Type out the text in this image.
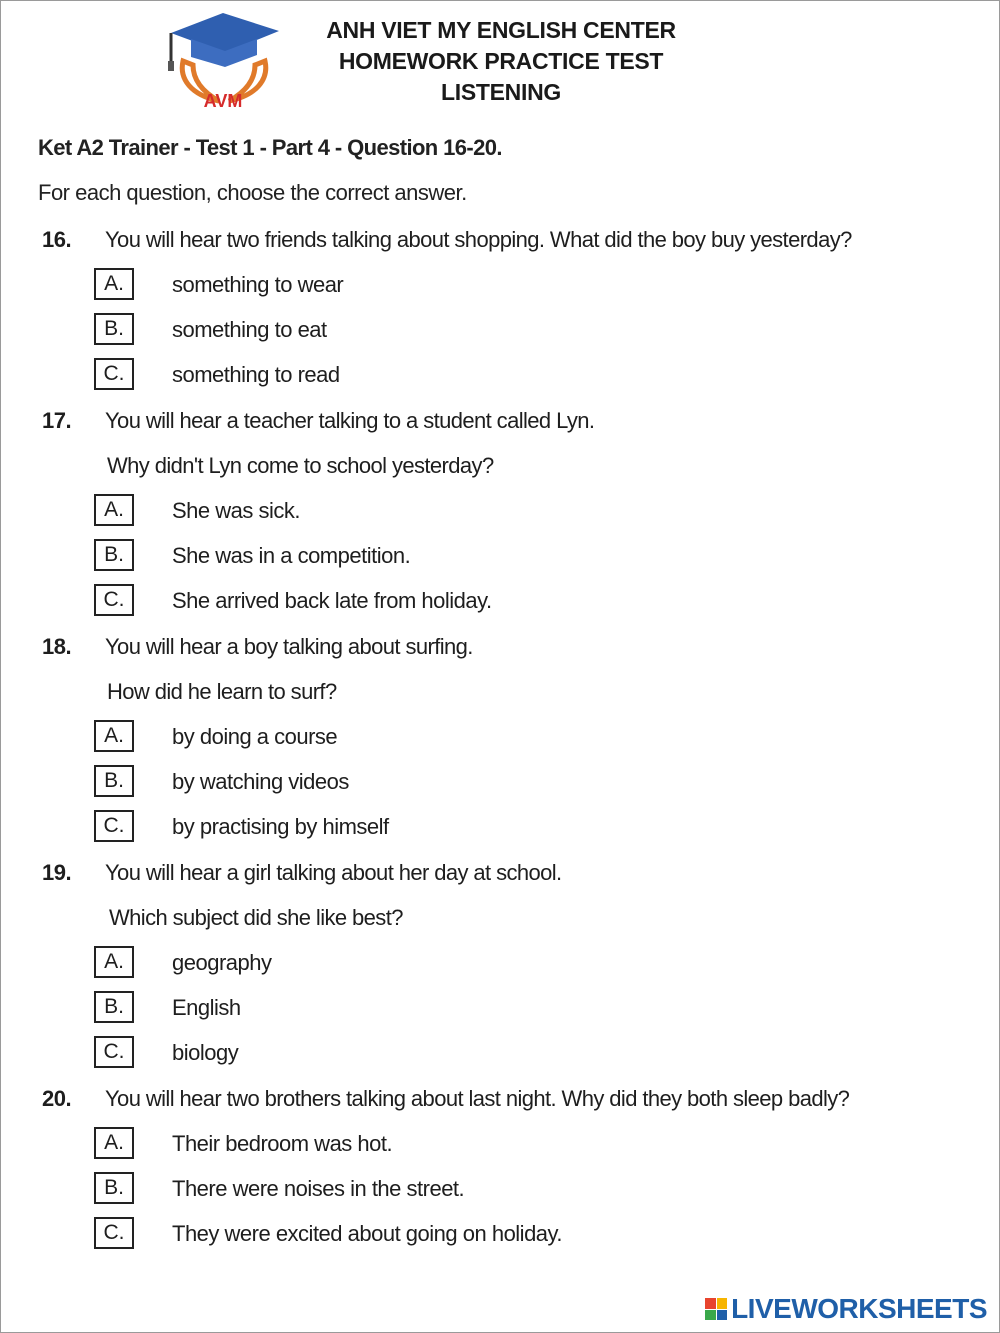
AVM
ANH VIET MY ENGLISH CENTER
HOMEWORK PRACTICE TEST
LISTENING
Ket A2 Trainer - Test 1 - Part 4 - Question 16-20.
For each question, choose the correct answer.
16. You will hear two friends talking about shopping. What did the boy buy yesterday?
A.	something to wear
B.	something to eat
C.	something to read
17. You will hear a teacher talking to a student called Lyn.
Why didn't Lyn come to school yesterday?
A.	She was sick.
B.	She was in a competition.
C.	She arrived back late from holiday.
18. You will hear a boy talking about surfing.
How did he learn to surf?
A.	by doing a course
B.	by watching videos
C.	by practising by himself
19. You will hear a girl talking about her day at school.
Which subject did she like best?
A.	geography
B.	English
C.	biology
20. You will hear two brothers talking about last night. Why did they both sleep badly?
A.	Their bedroom was hot.
B.	There were noises in the street.
C.	They were excited about going on holiday.
LIVEWORKSHEETS
